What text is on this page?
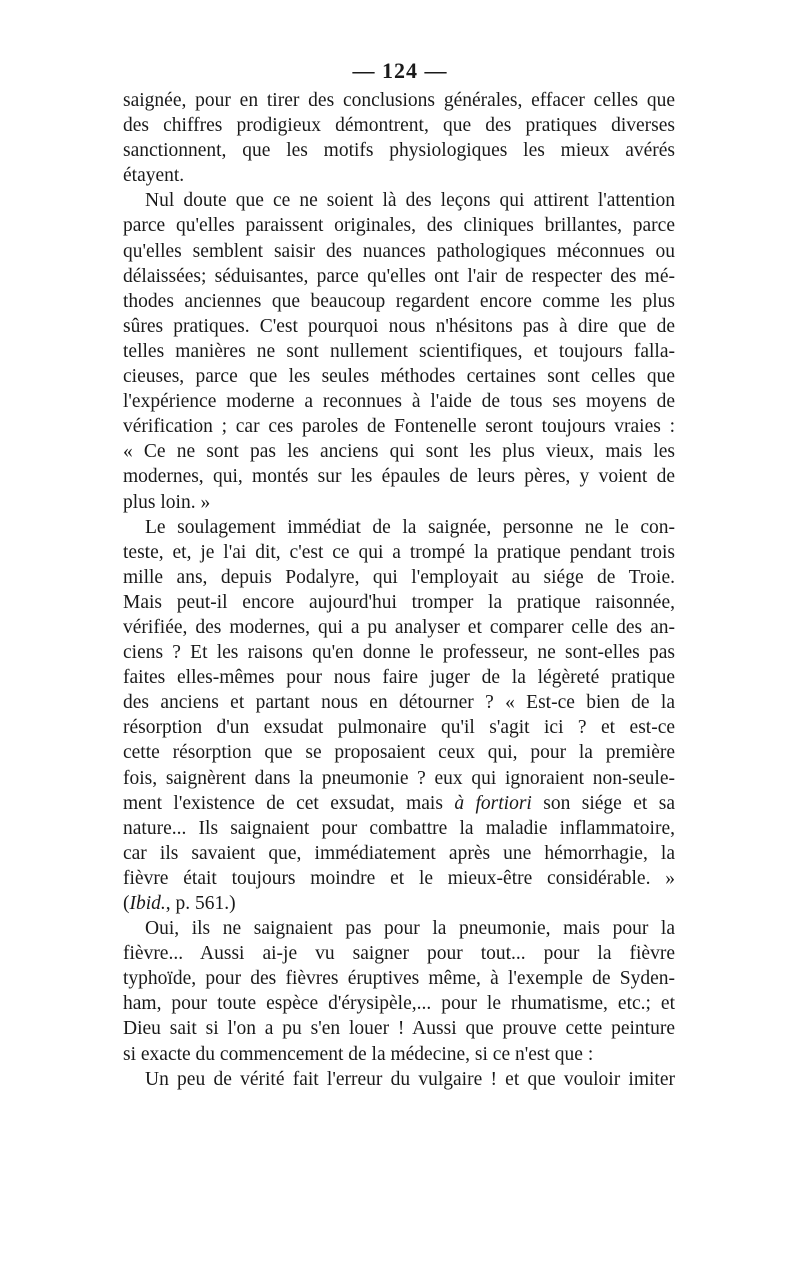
— 124 —
saignée, pour en tirer des conclusions générales, effacer celles que
des chiffres prodigieux démontrent, que des pratiques diverses
sanctionnent, que les motifs physiologiques les mieux avérés
étayent.
Nul doute que ce ne soient là des leçons qui attirent l'attention
parce qu'elles paraissent originales, des cliniques brillantes, parce
qu'elles semblent saisir des nuances pathologiques méconnues ou
délaissées; séduisantes, parce qu'elles ont l'air de respecter des mé-
thodes anciennes que beaucoup regardent encore comme les plus
sûres pratiques. C'est pourquoi nous n'hésitons pas à dire que de
telles manières ne sont nullement scientifiques, et toujours falla-
cieuses, parce que les seules méthodes certaines sont celles que
l'expérience moderne a reconnues à l'aide de tous ses moyens de
vérification ; car ces paroles de Fontenelle seront toujours vraies :
« Ce ne sont pas les anciens qui sont les plus vieux, mais les
modernes, qui, montés sur les épaules de leurs pères, y voient de
plus loin. »
Le soulagement immédiat de la saignée, personne ne le con-
teste, et, je l'ai dit, c'est ce qui a trompé la pratique pendant trois
mille ans, depuis Podalyre, qui l'employait au siége de Troie.
Mais peut-il encore aujourd'hui tromper la pratique raisonnée,
vérifiée, des modernes, qui a pu analyser et comparer celle des an-
ciens ? Et les raisons qu'en donne le professeur, ne sont-elles pas
faites elles-mêmes pour nous faire juger de la légèreté pratique
des anciens et partant nous en détourner ? « Est-ce bien de la
résorption d'un exsudat pulmonaire qu'il s'agit ici ? et est-ce
cette résorption que se proposaient ceux qui, pour la première
fois, saignèrent dans la pneumonie ? eux qui ignoraient non-seule-
ment l'existence de cet exsudat, mais à fortiori son siége et sa
nature... Ils saignaient pour combattre la maladie inflammatoire,
car ils savaient que, immédiatement après une hémorrhagie, la
fièvre était toujours moindre et le mieux-être considérable. »
(Ibid., p. 561.)
Oui, ils ne saignaient pas pour la pneumonie, mais pour la
fièvre... Aussi ai-je vu saigner pour tout... pour la fièvre
typhoïde, pour des fièvres éruptives même, à l'exemple de Syden-
ham, pour toute espèce d'érysipèle,... pour le rhumatisme, etc.; et
Dieu sait si l'on a pu s'en louer ! Aussi que prouve cette peinture
si exacte du commencement de la médecine, si ce n'est que :
Un peu de vérité fait l'erreur du vulgaire ! et que vouloir imiter
